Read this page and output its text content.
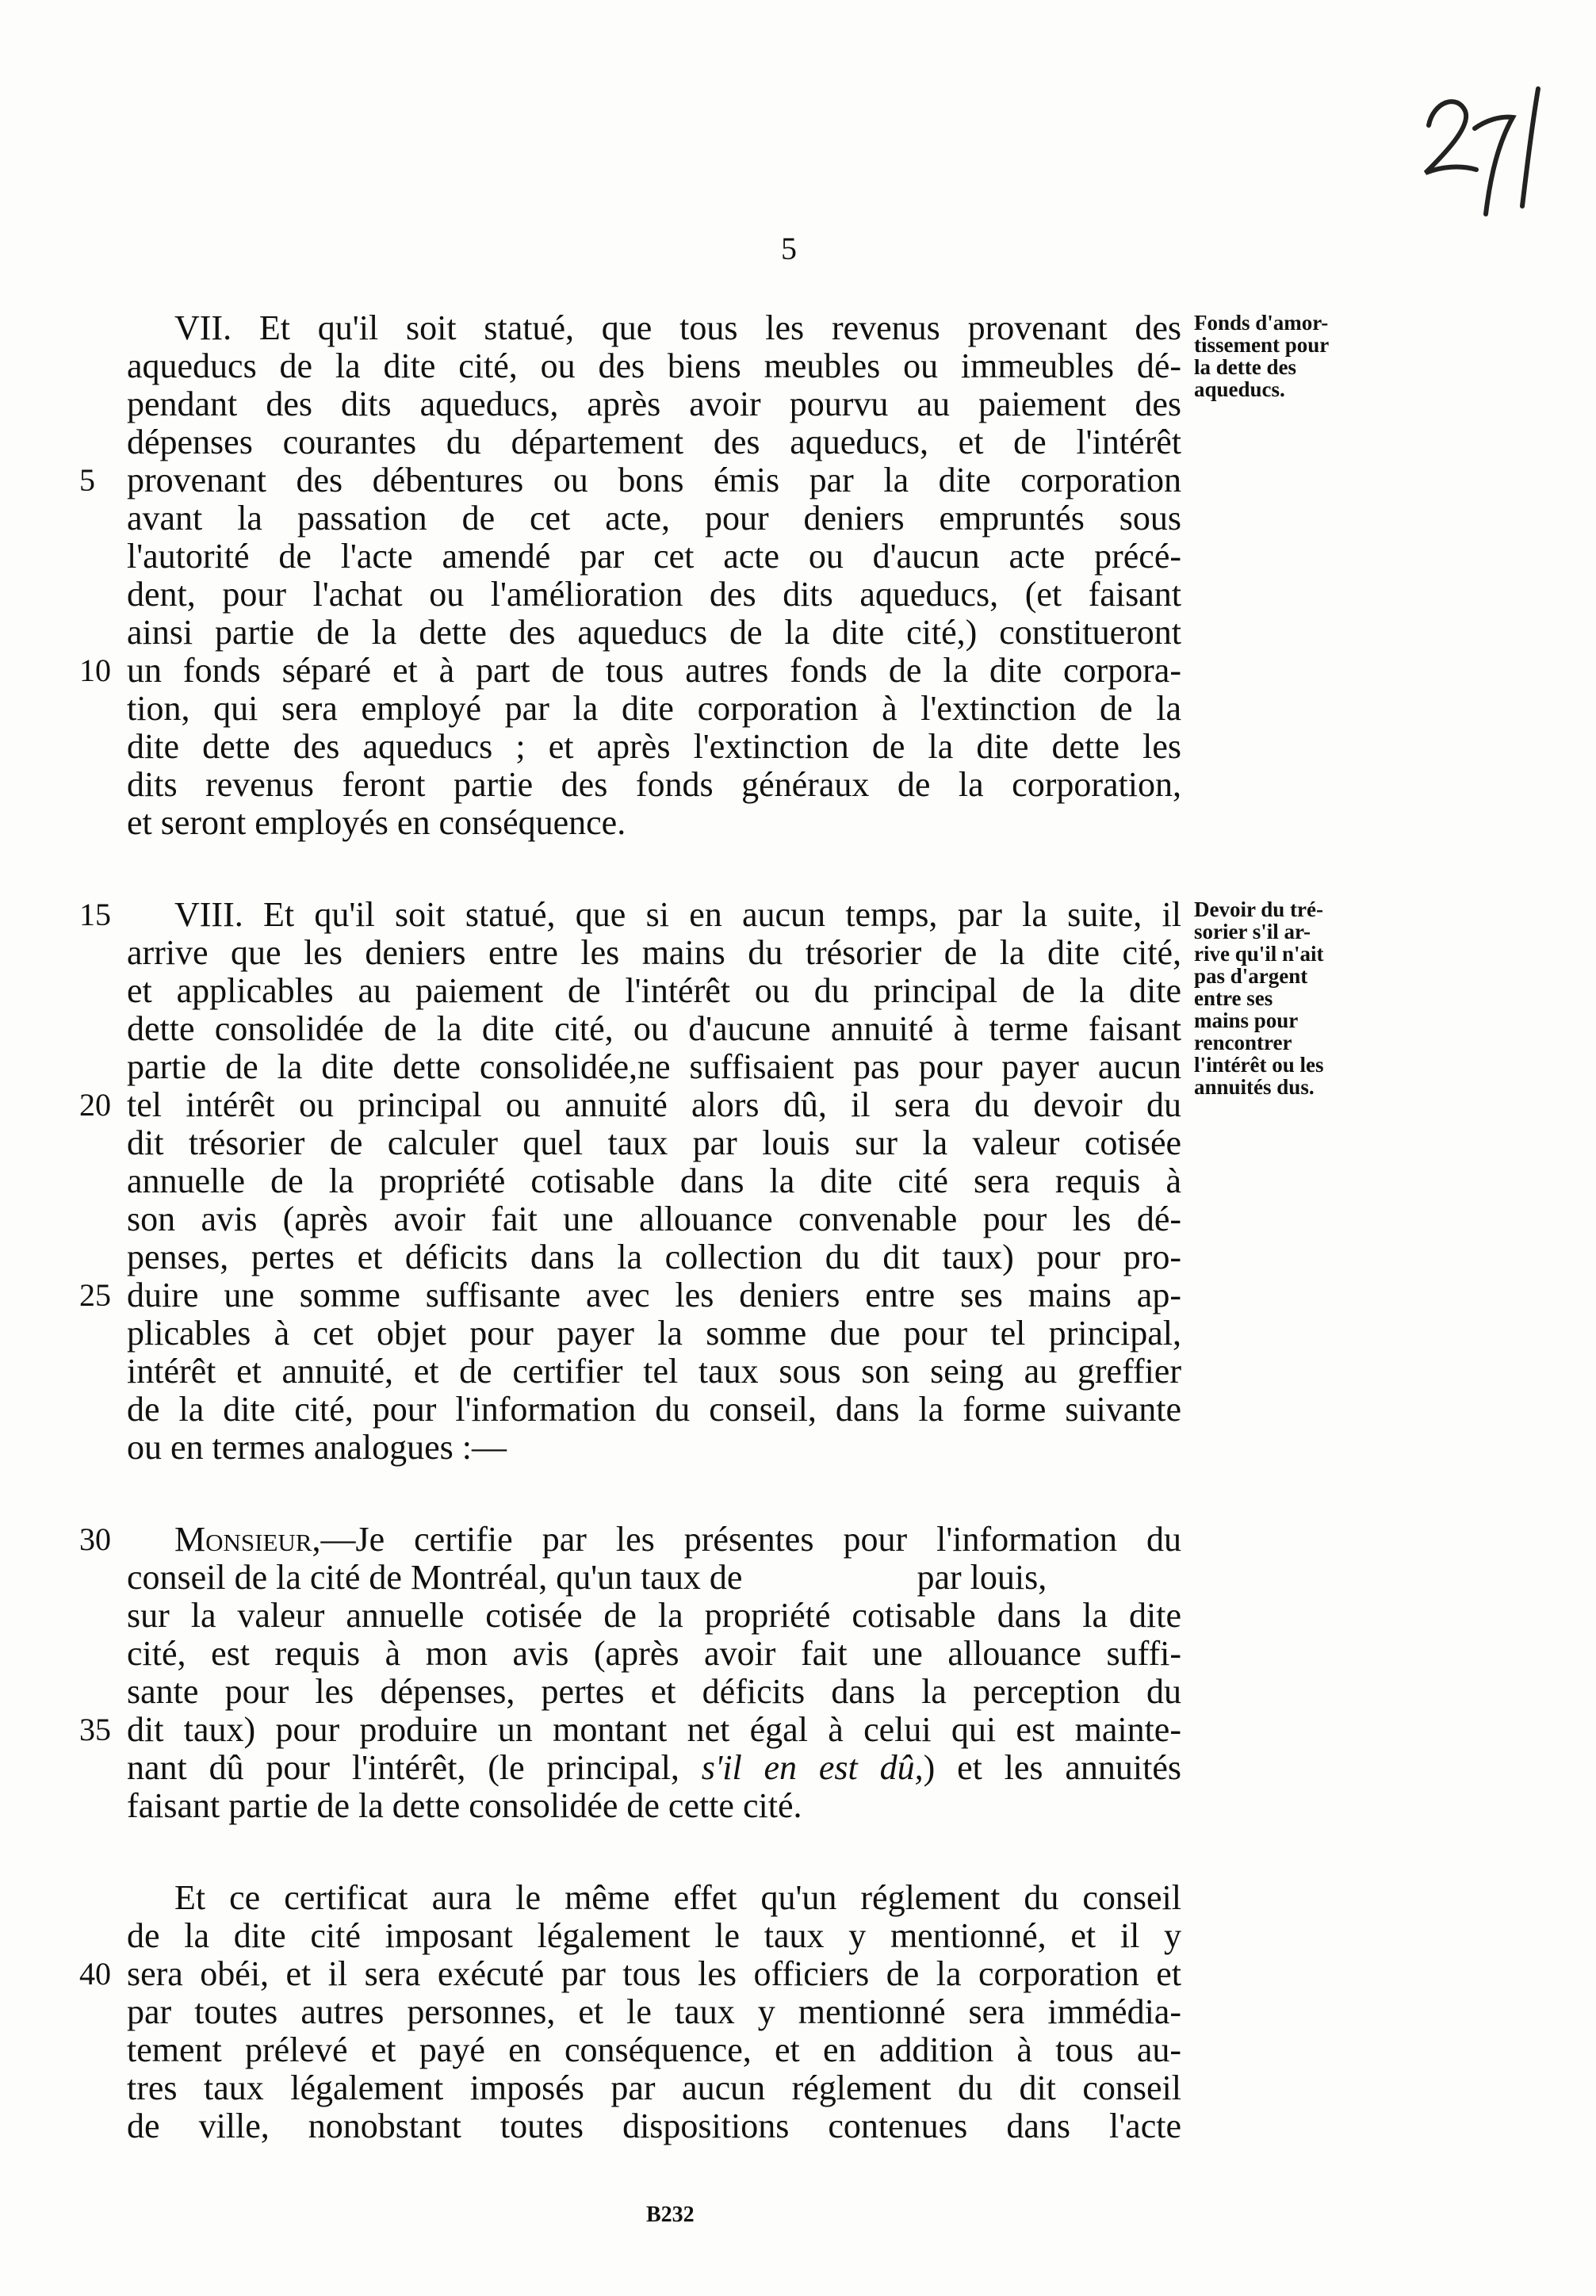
5
Fonds d'amor-
tissement pour
la dette des
aqueducs.
VII. Et qu'il soit statué, que tous les revenus provenant des
aqueducs de la dite cité, ou des biens meubles ou immeubles dé-
pendant des dits aqueducs, après avoir pourvu au paiement des
dépenses courantes du département des aqueducs, et de l'intérêt
5 provenant des débentures ou bons émis par la dite corporation
avant la passation de cet acte, pour deniers empruntés sous
l'autorité de l'acte amendé par cet acte ou d'aucun acte précé-
dent, pour l'achat ou l'amélioration des dits aqueducs, (et faisant
ainsi partie de la dette des aqueducs de la dite cité,) constitueront
10 un fonds séparé et à part de tous autres fonds de la dite corpora-
tion, qui sera employé par la dite corporation à l'extinction de la
dite dette des aqueducs ; et après l'extinction de la dite dette les
dits revenus feront partie des fonds généraux de la corporation,
et seront employés en conséquence.
Devoir du tré-
sorier s'il ar-
rive qu'il n'ait
pas d'argent
entre ses
mains pour
rencontrer
l'intérêt ou les
annuités dus.
15	VIII. Et qu'il soit statué, que si en aucun temps, par la suite, il
arrive que les deniers entre les mains du trésorier de la dite cité,
et applicables au paiement de l'intérêt ou du principal de la dite
dette consolidée de la dite cité, ou d'aucune annuité à terme faisant
partie de la dite dette consolidée,ne suffisaient pas pour payer aucun
20 tel intérêt ou principal ou annuité alors dû, il sera du devoir du
dit trésorier de calculer quel taux par louis sur la valeur cotisée
annuelle de la propriété cotisable dans la dite cité sera requis à
son avis (après avoir fait une allouance convenable pour les dé-
penses, pertes et déficits dans la collection du dit taux) pour pro-
25 duire une somme suffisante avec les deniers entre ses mains ap-
plicables à cet objet pour payer la somme due pour tel principal,
intérêt et annuité, et de certifier tel taux sous son seing au greffier
de la dite cité, pour l'information du conseil, dans la forme suivante
ou en termes analogues :—
30	Monsieur,—Je certifie par les présentes pour l'information du
conseil de la cité de Montréal, qu'un taux de                    par louis,
sur la valeur annuelle cotisée de la propriété cotisable dans la dite
cité, est requis à mon avis (après avoir fait une allouance suffi-
sante pour les dépenses, pertes et déficits dans la perception du
35 dit taux) pour produire un montant net égal à celui qui est mainte-
nant dû pour l'intérêt, (le principal, s'il en est dû,) et les annuités
faisant partie de la dette consolidée de cette cité.
Et ce certificat aura le même effet qu'un réglement du conseil
de la dite cité imposant légalement le taux y mentionné, et il y
40 sera obéi, et il sera exécuté par tous les officiers de la corporation et
par toutes autres personnes, et le taux y mentionné sera immédia-
tement prélevé et payé en conséquence, et en addition à tous au-
tres taux légalement imposés par aucun réglement du dit conseil
de ville, nonobstant toutes dispositions contenues dans l'acte
B232
